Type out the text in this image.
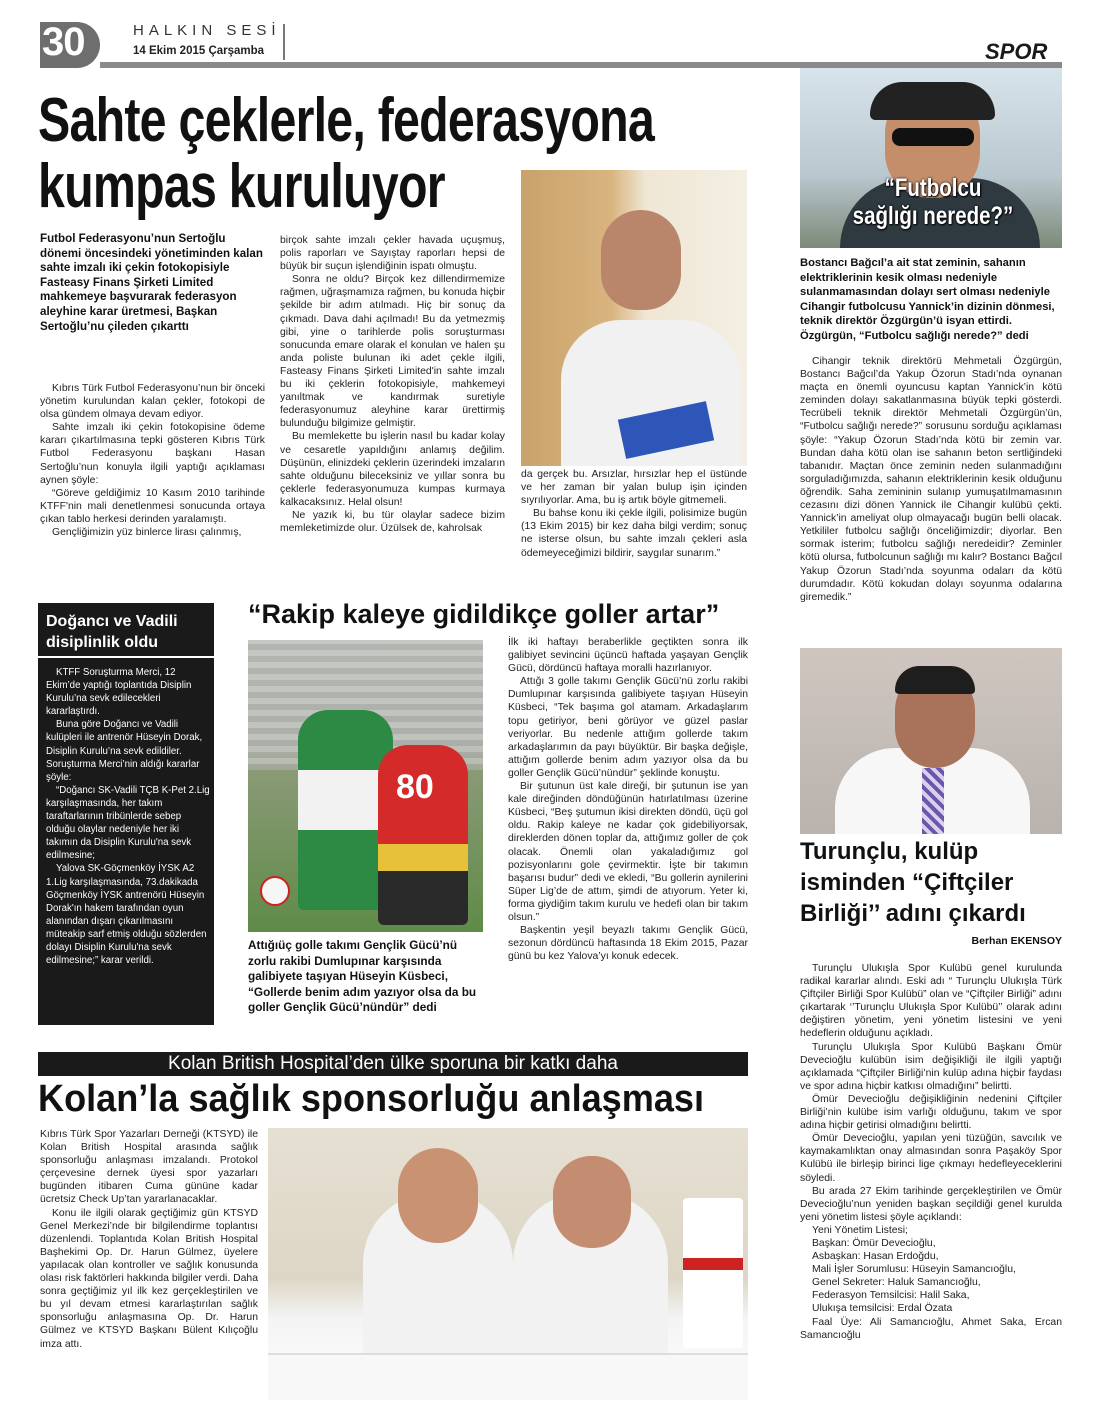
30	HALKIN SESİ
14 Ekim 2015 Çarşamba	SPOR
Sahte çeklerle, federasyona
kumpas kuruluyor
Futbol Federasyonu’nun Sertoğlu dönemi öncesindeki yönetiminden kalan sahte imzalı iki çekin fotokopisiyle Fasteasy Finans Şirketi Limited mahkemeye başvurarak federasyon aleyhine karar üretmesi, Başkan Sertoğlu’nu çileden çıkarttı

Kıbrıs Türk Futbol Federasyonu’nun bir önceki yönetim kurulundan kalan çekler, fotokopi de olsa gündem olmaya devam ediyor.

Sahte imzalı iki çekin fotokopisine ödeme kararı çıkartılmasına tepki gösteren Kıbrıs Türk Futbol Federasyonu başkanı Hasan Sertoğlu’nun konuyla ilgili yaptığı açıklaması aynen şöyle:

“Göreve geldiğimiz 10 Kasım 2010 tarihinde KTFF'nin mali denetlenmesi sonucunda ortaya çıkan tablo herkesi derinden yaralamıştı.

Gençliğimizin yüz binlerce lirası çalınmış,

birçok sahte imzalı çekler havada uçuşmuş, polis raporları ve Sayıştay raporları hepsi de büyük bir suçun işlendiğinin ispatı olmuştu.

Sonra ne oldu? Birçok kez dillendirmemize rağmen, uğraşmamıza rağmen, bu konuda hiçbir şekilde bir adım atılmadı. Hiç bir sonuç da çıkmadı. Dava dahi açılmadı! Bu da yetmezmiş gibi, yine o tarihlerde polis soruşturması sonucunda emare olarak el konulan ve halen şu anda poliste bulunan iki adet çekle ilgili, Fasteasy Finans Şirketi Limited'in sahte imzalı bu iki çeklerin fotokopisiyle, mahkemeyi yanıltmak ve kandırmak suretiyle federasyonumuz aleyhine karar ürettirmiş bulunduğu bilgimize gelmiştir.

Bu memlekette bu işlerin nasıl bu kadar kolay ve cesaretle yapıldığını anlamış değilim. Düşünün, elinizdeki çeklerin üzerindeki imzaların sahte olduğunu bileceksiniz ve yıllar sonra bu çeklerle federasyonumuza kumpas kurmaya kalkacaksınız. Helal olsun!

Ne yazık ki, bu tür olaylar sadece bizim memleketimizde olur. Üzülsek de, kahrolsak

da gerçek bu. Arsızlar, hırsızlar hep el üstünde ve her zaman bir yalan bulup işin içinden sıyrılıyorlar. Ama, bu iş artık böyle gitmemeli.

Bu bahse konu iki çekle ilgili, polisimize bugün (13 Ekim 2015) bir kez daha bilgi verdim; sonuç ne isterse olsun, bu sahte imzalı çekleri asla ödemeyeceğimizi bildirir, saygılar sunarım.”

“Futbolcu
sağlığı nerede?”
Bostancı Bağcıl’a ait stat zeminin, sahanın elektriklerinin kesik olması nedeniyle sulanmamasından dolayı sert olması nedeniyle Cihangir futbolcusu Yannick’in dizinin dönmesi, teknik direktör Özgürgün’ü isyan ettirdi. Özgürgün, “Futbolcu sağlığı nerede?” dedi

Cihangir teknik direktörü Mehmetali Özgürgün, Bostancı Bağcıl’da Yakup Özorun Stadı’nda oynanan maçta en önemli oyuncusu kaptan Yannick’in kötü zeminden dolayı sakatlanmasına büyük tepki gösterdi. Tecrübeli teknik direktör Mehmetali Özgürgün’ün, “Futbolcu sağlığı nerede?” sorusunu sorduğu açıklaması şöyle: “Yakup Özorun Stadı’nda kötü bir zemin var. Bundan daha kötü olan ise sahanın beton sertliğindeki tabanıdır. Maçtan önce zeminin neden sulanmadığını sorguladığımızda, sahanın elektriklerinin kesik olduğunu öğrendik. Saha zemininin sulanıp yumuşatılmamasının cezasını dizi dönen Yannick ile Cihangir kulübü çekti. Yannick’in ameliyat olup olmayacağı bugün belli olacak. Yetkililer futbolcu sağlığı önceliğimizdir; diyorlar. Ben sormak isterim; futbolcu sağlığı neredeidir? Zeminler kötü olursa, futbolcunun sağlığı mı kalır? Bostancı Bağcıl Yakup Özorun Stadı’nda soyunma odaları da kötü durumdadır. Kötü kokudan dolayı soyunma odalarına giremedik.”

Doğancı ve Vadili
disiplinlik oldu

KTFF Soruşturma Merci, 12 Ekim’de yaptığı toplantıda Disiplin Kurulu’na sevk edilecekleri kararlaştırdı.

Buna göre Doğancı ve Vadili kulüpleri ile antrenör Hüseyin Dorak, Disiplin Kurulu’na sevk edildiler. Soruşturma Merci’nin aldığı kararlar şöyle:

“Doğancı SK-Vadili TÇB K-Pet 2.Lig karşılaşmasında, her takım taraftarlarının tribünlerde sebep olduğu olaylar nedeniyle her iki takımın da Disiplin Kurulu'na sevk edilmesine;

Yalova SK-Göçmenköy İYSK A2 1.Lig karşılaşmasında, 73.dakikada Göçmenköy İYSK antrenörü Hüseyin Dorak'ın hakem tarafından oyun alanından dışarı çıkarılmasını müteakip sarf etmiş olduğu sözlerden dolayı Disiplin Kurulu'na sevk edilmesine;” karar verildi.

“Rakip kaleye gidildikçe goller artar”
80
Attığıüç golle takımı Gençlik Gücü’nü zorlu rakibi Dumlupınar karşısında galibiyete taşıyan Hüseyin Küsbeci, “Gollerde benim adım yazıyor olsa da bu goller Gençlik Gücü’nündür” dedi

İlk iki haftayı beraberlikle geçtikten sonra ilk galibiyet sevincini üçüncü haftada yaşayan Gençlik Gücü, dördüncü haftaya moralli hazırlanıyor.

Attığı 3 golle takımı Gençlik Gücü’nü zorlu rakibi Dumlupınar karşısında galibiyete taşıyan Hüseyin Küsbeci, “Tek başıma gol atamam. Arkadaşlarım topu getiriyor, beni görüyor ve güzel paslar veriyorlar. Bu nedenle attığım gollerde takım arkadaşlarımın da payı büyüktür. Bir başka değişle, attığım gollerde benim adım yazıyor olsa da bu goller Gençlik Gücü’nündür” şeklinde konuştu.

Bir şutunun üst kale direği, bir şutunun ise yan kale direğinden döndüğünün hatırlatılması üzerine Küsbeci, “Beş şutumun ikisi direkten döndü, üçü gol oldu. Rakip kaleye ne kadar çok gidebiliyorsak, direklerden dönen toplar da, attığımız goller de çok olacak. Önemli olan yakaladığımız gol pozisyonlarını gole çevirmektir. İşte bir takımın başarısı budur” dedi ve ekledi, “Bu gollerin aynilerini Süper Lig’de de attım, şimdi de atıyorum. Yeter ki, forma giydiğim takım kurulu ve hedefi olan bir takım olsun.”

Başkentin yeşil beyazlı takımı Gençlik Gücü, sezonun dördüncü haftasında 18 Ekim 2015, Pazar günü bu kez Yalova’yı konuk edecek.

Kolan British Hospital’den ülke sporuna bir katkı daha
Kolan’la sağlık sponsorluğu anlaşması

Kıbrıs Türk Spor Yazarları Derneği (KTSYD) ile Kolan British Hospital arasında sağlık sponsorluğu anlaşması imzalandı. Protokol çerçevesine dernek üyesi spor yazarları bugünden itibaren Cuma gününe kadar ücretsiz Check Up’tan yararlanacaklar.

Konu ile ilgili olarak geçtiğimiz gün KTSYD Genel Merkezi’nde bir bilgilendirme toplantısı düzenlendi. Toplantıda Kolan British Hospital Başhekimi Op. Dr. Harun Gülmez, üyelere yapılacak olan kontroller ve sağlık konusunda olası risk faktörleri hakkında bilgiler verdi. Daha sonra geçtiğimiz yıl ilk kez gerçekleştirilen ve bu yıl devam etmesi kararlaştırılan sağlık sponsorluğu anlaşmasına Op. Dr. Harun Gülmez ve KTSYD Başkanı Bülent Kılıçoğlu imza attı.

Turunçlu, kulüp
isminden “Çiftçiler
Birliği’’ adını çıkardı
Berhan EKENSOY

Turunçlu Ulukışla Spor Kulübü genel kurulunda radikal kararlar alındı. Eski adı “ Turunçlu Ulukışla Türk Çiftçiler Birliği Spor Kulübü” olan ve “Çiftçiler Birliği” adını çıkartarak ‘’Turunçlu Ulukışla Spor Kulübü’’ olarak adını değiştiren yönetim, yeni yönetim listesini ve yeni hedeflerin olduğunu açıkladı.

Turunçlu Ulukışla Spor Kulübü Başkanı Ömür Devecioğlu kulübün isim değişikliği ile ilgili yaptığı açıklamada “Çiftçiler Birliği’nin kulüp adına hiçbir faydası ve spor adına hiçbir katkısı olmadığını” belirtti.

Ömür Devecioğlu değişikliğinin nedenini Çiftçiler Birliği’nin kulübe isim varlığı olduğunu, takım ve spor adına hiçbir getirisi olmadığını belirtti.

Ömür Devecioğlu, yapılan yeni tüzüğün, savcılık ve kaymakamlıktan onay almasından sonra Paşaköy Spor Kulübü ile birleşip birinci lige çıkmayı hedefleyeceklerini söyledi.

Bu arada 27 Ekim tarihinde gerçekleştirilen ve Ömür Devecioğlu’nun yeniden başkan seçildiği genel kurulda yeni yönetim listesi şöyle açıklandı:

Yeni Yönetim Listesi;

Başkan: Ömür Devecioğlu,

Asbaşkan: Hasan Erdoğdu,

Mali İşler Sorumlusu: Hüseyin Samancıoğlu,

Genel Sekreter: Haluk Samancıoğlu,

Federasyon Temsilcisi: Halil Saka,

Ulukışa temsilcisi: Erdal Özata

Faal Üye: Ali Samancıoğlu, Ahmet Saka, Ercan Samancıoğlu
